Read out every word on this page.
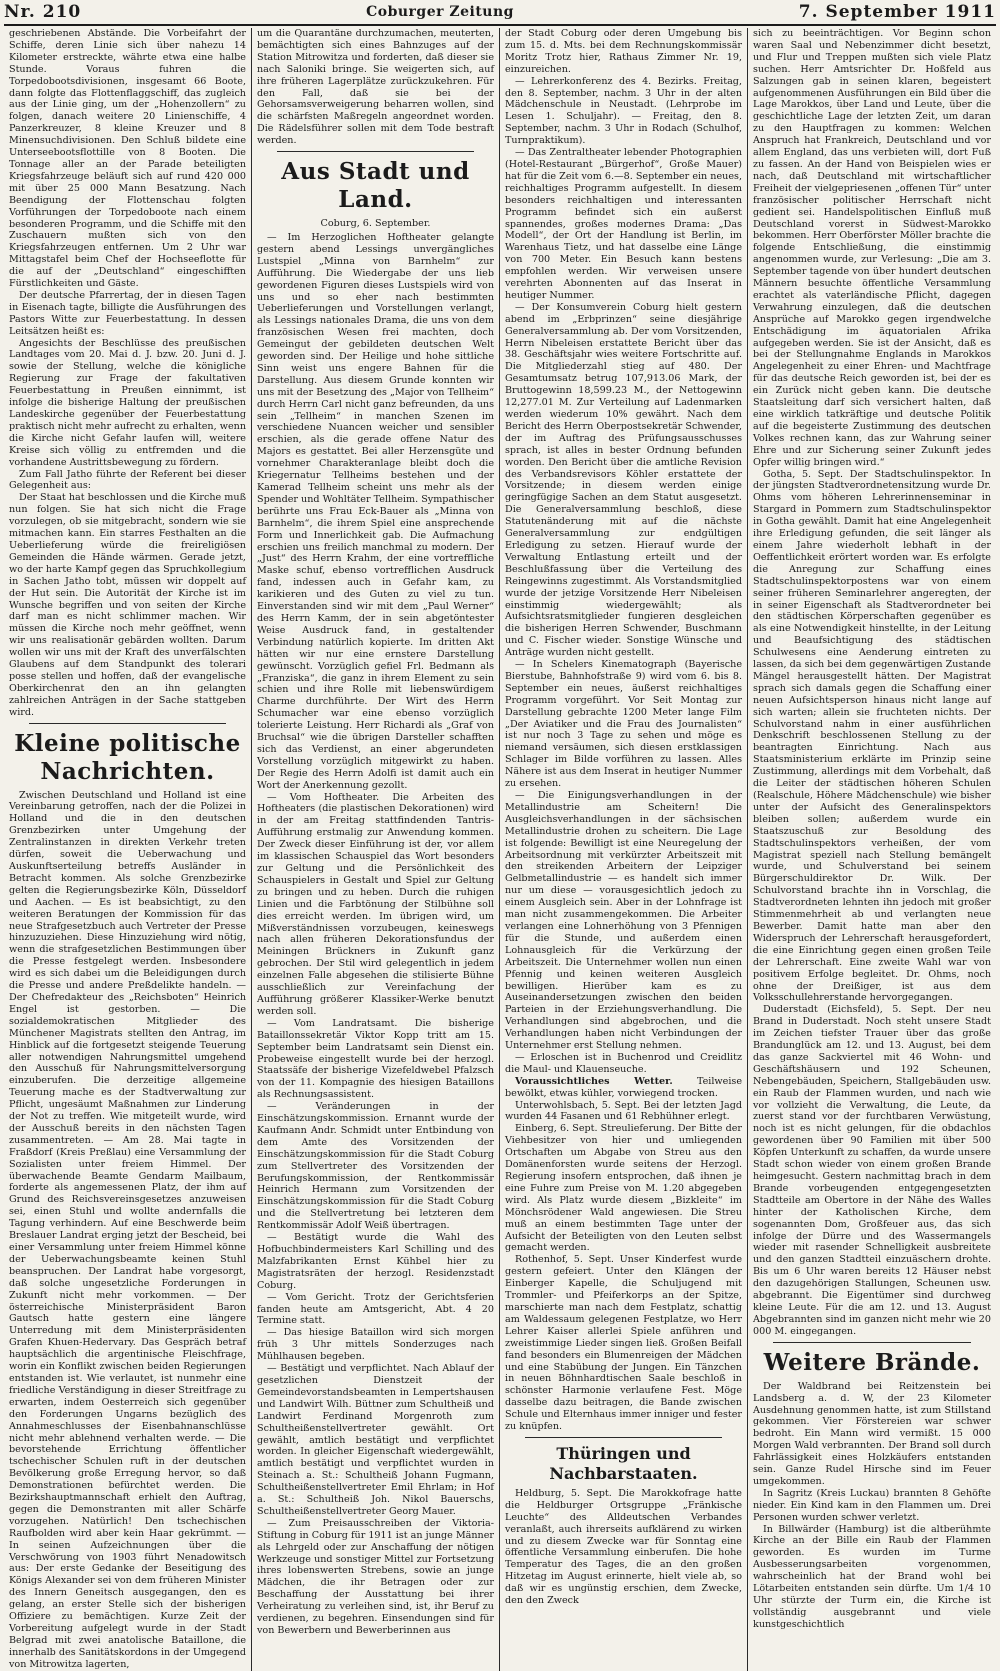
Nr. 210	Coburger Zeitung	7. September 1911

geschriebenen Abstände. Die Vorbeifahrt der Schiffe, deren Linie sich über nahezu 14 Kilometer erstreckte, währte etwa eine halbe Stunde. Voraus fuhren die Torpedobootsdivisionen, insgesamt 66 Boote, dann folgte das Flottenflaggschiff, das zugleich aus der Linie ging, um der „Hohenzollern“ zu folgen, danach weitere 20 Linienschiffe, 4 Panzerkreuzer, 8 kleine Kreuzer und 8 Minensuchdivisionen. Den Schluß bildete eine Unterseebootsflottille von 8 Booten. Die Tonnage aller an der Parade beteiligten Kriegsfahrzeuge beläuft sich auf rund 420 000 mit über 25 000 Mann Besatzung. Nach Beendigung der Flottenschau folgten Vorführungen der Torpedoboote nach einem besonderen Programm, und die Schiffe mit den Zuschauern mußten sich von den Kriegsfahrzeugen entfernen. Um 2 Uhr war Mittagstafel beim Chef der Hochseeflotte für die auf der „Deutschland“ eingeschifften Fürstlichkeiten und Gäste.

Der deutsche Pfarrertag, der in diesen Tagen in Eisenach tagte, billigte die Ausführungen des Pastors Witte zur Feuerbestattung. In dessen Leitsätzen heißt es:

Angesichts der Beschlüsse des preußischen Landtages vom 20. Mai d. J. bzw. 20. Juni d. J. sowie der Stellung, welche die königliche Regierung zur Frage der fakultativen Feuerbestattung in Preußen einnimmt, ist infolge die bisherige Haltung der preußischen Landeskirche gegenüber der Feuerbestattung praktisch nicht mehr aufrecht zu erhalten, wenn die Kirche nicht Gefahr laufen will, weitere Kreise sich völlig zu entfremden und die vorhandene Austrittsbewegung zu fördern.

Zum Fall Jatho führte der Referent bei dieser Gelegenheit aus:

Der Staat hat beschlossen und die Kirche muß nun folgen. Sie hat sich nicht die Frage vorzulegen, ob sie mitgebracht, sondern wie sie mitmachen kann. Ein starres Festhalten an die Ueberlieferung würde die freireligiösen Gemeinden die Hände wärmen. Gerade jetzt, wo der harte Kampf gegen das Spruchkollegium in Sachen Jatho tobt, müssen wir doppelt auf der Hut sein. Die Autorität der Kirche ist im Wunsche begriffen und von seiten der Kirche darf man es nicht schlimmer machen. Wir müssen die Kirche noch mehr geöffnet, wenn wir uns realisationär gebärden wollten. Darum wollen wir uns mit der Kraft des unverfälschten Glaubens auf dem Standpunkt des tolerari posse stellen und hoffen, daß der evangelische Oberkirchenrat den an ihn gelangten zahlreichen Anträgen in der Sache stattgeben wird.

Kleine politische Nachrichten.

Zwischen Deutschland und Holland ist eine Vereinbarung getroffen, nach der die Polizei in Holland und die in den deutschen Grenzbezirken unter Umgehung der Zentralinstanzen in direkten Verkehr treten dürfen, soweit die Ueberwachung und Auskunftserteilung betreffs Ausländer in Betracht kommen. Als solche Grenzbezirke gelten die Regierungsbezirke Köln, Düsseldorf und Aachen. — Es ist beabsichtigt, zu den weiteren Beratungen der Kommission für das neue Strafgesetzbuch auch Vertreter der Presse hinzuzuziehen. Diese Hinzuziehung wird nötig, wenn die strafgesetzlichen Bestimmungen über die Presse festgelegt werden. Insbesondere wird es sich dabei um die Beleidigungen durch die Presse und andere Preßdelikte handeln. — Der Chefredakteur des „Reichsboten“ Heinrich Engel ist gestorben. — Die sozialdemokratischen Mitglieder des Münchener Magistrats stellten den Antrag, im Hinblick auf die fortgesetzt steigende Teuerung aller notwendigen Nahrungsmittel umgehend den Ausschuß für Nahrungsmittelversorgung einzuberufen. Die derzeitige allgemeine Teuerung mache es der Stadtverwaltung zur Pflicht, ungesäumt Maßnahmen zur Linderung der Not zu treffen. Wie mitgeteilt wurde, wird der Ausschuß bereits in den nächsten Tagen zusammentreten. — Am 28. Mai tagte in Fraßdorf (Kreis Preßlau) eine Versammlung der Sozialisten unter freiem Himmel. Der überwachende Beamte Gendarm Mailbaum, forderte als angemessenen Platz, der ihm auf Grund des Reichsvereinsgesetzes anzuweisen sei, einen Stuhl und wollte andernfalls die Tagung verhindern. Auf eine Beschwerde beim Breslauer Landrat erging jetzt der Bescheid, bei einer Versammlung unter freiem Himmel könne der Ueberwachungsbeamte keinen Stuhl beanspruchen. Der Landrat habe vorgesorgt, daß solche ungesetzliche Forderungen in Zukunft nicht mehr vorkommen. — Der österreichische Ministerpräsident Baron Gautsch hatte gestern eine längere Unterredung mit dem Ministerpräsidenten Grafen Khuen-Hedervary. Das Gespräch betraf hauptsächlich die argentinische Fleischfrage, worin ein Konflikt zwischen beiden Regierungen entstanden ist. Wie verlautet, ist nunmehr eine friedliche Verständigung in dieser Streitfrage zu erwarten, indem Oesterreich sich gegenüber den Forderungen Ungarns bezüglich des Annahmeschlusses der Eisenbahnanschlüsse nicht mehr ablehnend verhalten werde. — Die bevorstehende Errichtung öffentlicher tschechischer Schulen ruft in der deutschen Bevölkerung große Erregung hervor, so daß Demonstrationen befürchtet werden. Die Bezirkshauptmannschaft erhielt den Auftrag, gegen die Demonstranten mit aller Schärfe vorzugehen. Natürlich! Den tschechischen Raufbolden wird aber kein Haar gekrümmt. — In seinen Aufzeichnungen über die Verschwörung von 1903 führt Nenadowitsch aus: Der erste Gedanke der Beseitigung des Königs Alexander sei von dem früheren Minister des Innern Geneitsch ausgegangen, den es gelang, an erster Stelle sich der bisherigen Offiziere zu bemächtigen. Kurze Zeit der Vorbereitung aufgelegt wurde in der Stadt Belgrad mit zwei anatolische Bataillone, die innerhalb des Sanitätskordons in der Umgegend von Mitrowitza lagerten,

um die Quarantäne durchzumachen, meuterten, bemächtigten sich eines Bahnzuges auf der Station Mitrowitza und forderten, daß dieser sie nach Saloniki bringe. Sie weigerten sich, auf ihre früheren Lagerplätze zurückzukehren. Für den Fall, daß sie bei der Gehorsamsverweigerung beharren wollen, sind die schärfsten Maßregeln angeordnet worden. Die Rädelsführer sollen mit dem Tode bestraft werden.

Aus Stadt und Land.

Coburg, 6. September.

— Im Herzoglichen Hoftheater gelangte gestern abend Lessings unvergängliches Lustspiel „Minna von Barnhelm“ zur Aufführung. Die Wiedergabe der uns lieb gewordenen Figuren dieses Lustspiels wird von uns und so eher nach bestimmten Ueberlieferungen und Vorstellungen verlangt, als Lessings nationales Drama, die uns von dem französischen Wesen frei machten, doch Gemeingut der gebildeten deutschen Welt geworden sind. Der Heilige und hohe sittliche Sinn weist uns engere Bahnen für die Darstellung. Aus diesem Grunde konnten wir uns mit der Besetzung des „Major von Tellheim“ durch Herrn Carl nicht ganz befreunden, da uns sein „Tellheim“ in manchen Szenen im verschiedene Nuancen weicher und sensibler erschien, als die gerade offene Natur des Majors es gestattet. Bei aller Herzensgüte und vornehmer Charakteranlage bleibt doch die Kriegernatur Tellheims bestehen und der Kamerad Tellheim scheint uns mehr als der Spender und Wohltäter Tellheim. Sympathischer berührte uns Frau Eck-Bauer als „Minna von Barnhelm“, die ihrem Spiel eine ansprechende Form und Innerlichkeit gab. Die Aufmachung erschien uns freilich manchmal zu modern. Der „Just“ des Herrn Krahm, der eine vortreffliche Maske schuf, ebenso vortrefflichen Ausdruck fand, indessen auch in Gefahr kam, zu karikieren und des Guten zu viel zu tun. Einverstanden sind wir mit dem „Paul Werner“ des Herrn Kamm, der in sein abgetöntester Weise Ausdruck fand, in gestaltender Verbindung natürlich kopierte. Im dritten Akt hätten wir nur eine ernstere Darstellung gewünscht. Vorzüglich gefiel Frl. Bedmann als „Franziska“, die ganz in ihrem Element zu sein schien und ihre Rolle mit liebenswürdigem Charme durchführte. Der Wirt des Herrn Schumacher war eine ebenso vorzüglich tolerierte Leistung. Herr Richardi als „Graf von Bruchsal“ wie die übrigen Darsteller schafften sich das Verdienst, an einer abgerundeten Vorstellung vorzüglich mitgewirkt zu haben. Der Regie des Herrn Adolfi ist damit auch ein Wort der Anerkennung gezollt.

— Vom Hoftheater. Die Arbeiten des Hoftheaters (die plastischen Dekorationen) wird in der am Freitag stattfindenden Tantris-Aufführung erstmalig zur Anwendung kommen. Der Zweck dieser Einführung ist der, vor allem im klassischen Schauspiel das Wort besonders zur Geltung und die Persönlichkeit des Schauspielers in Gestalt und Spiel zur Geltung zu bringen und zu heben. Durch die ruhigen Linien und die Farbtönung der Stilbühne soll dies erreicht werden. Im übrigen wird, um Mißverständnissen vorzubeugen, keineswegs nach allen früheren Dekorationsfundus der Meiningen Brückners in Zukunft ganz gebrochen. Der Stil wird gelegentlich in jedem einzelnen Falle abgesehen die stilisierte Bühne ausschließlich zur Vereinfachung der Aufführung größerer Klassiker-Werke benutzt werden soll.

— Vom Landratsamt. Die bisherige Bataillonssekretär Viktor Kopp tritt am 15. September beim Landratsamt sein Dienst ein. Probeweise eingestellt wurde bei der herzogl. Staatssäfe der bisherige Vizefeldwebel Pfalzsch von der 11. Kompagnie des hiesigen Bataillons als Rechnungsassistent.

— Veränderungen in der Einschätzungskommission. Ernannt wurde der Kaufmann Andr. Schmidt unter Entbindung von dem Amte des Vorsitzenden der Einschätzungskommission für die Stadt Coburg zum Stellvertreter des Vorsitzenden der Berufungskommission, der Rentkommissär Heinrich Hermann zum Vorsitzenden der Einschätzungskommission für die Stadt Coburg und die Stellvertretung bei letzteren dem Rentkommissär Adolf Weiß übertragen.

— Bestätigt wurde die Wahl des Hofbuchbindermeisters Karl Schilling und des Malzfabrikanten Ernst Kühbel hier zu Magistratsräten der herzogl. Residenzstadt Coburg.

— Vom Gericht. Trotz der Gerichtsferien fanden heute am Amtsgericht, Abt. 4 20 Termine statt.

— Das hiesige Bataillon wird sich morgen früh 3 Uhr mittels Sonderzuges nach Mühlhausen begeben.

— Bestätigt und verpflichtet. Nach Ablauf der gesetzlichen Dienstzeit der Gemeindevorstandsbeamten in Lempertshausen und Landwirt Wilh. Büttner zum Schultheiß und Landwirt Ferdinand Morgenroth zum Schultheißenstellvertreter gewählt. Ort gewählt, amtlich bestätigt und verpflichtet worden. In gleicher Eigenschaft wiedergewählt, amtlich bestätigt und verpflichtet wurden in Steinach a. St.: Schultheiß Johann Fugmann, Schultheißenstellvertreter Emil Ehrlam; in Hof a. St.: Schultheiß Joh. Nikol Bauerschs, Schultheißenstellvertreter Georg Mauer.

— Zum Preisausschreiben der Viktoria-Stiftung in Coburg für 1911 ist an junge Männer als Lehrgeld oder zur Anschaffung der nötigen Werkzeuge und sonstiger Mittel zur Fortsetzung ihres lobenswerten Strebens, sowie an junge Mädchen, die ihr Betragen oder zur Beschaffung der Ausstattung bei ihrer Verheiratung zu verleihen sind, ist, ihr Beruf zu verdienen, zu begehren. Einsendungen sind für von Bewerbern und Bewerberinnen aus

der Stadt Coburg oder deren Umgebung bis zum 15. d. Mts. bei dem Rechnungskommissär Moritz Trotz hier, Rathaus Zimmer Nr. 19, einzureichen.

— Lehrerkonferenz des 4. Bezirks. Freitag, den 8. September, nachm. 3 Uhr in der alten Mädchenschule in Neustadt. (Lehrprobe im Lesen 1. Schuljahr). — Freitag, den 8. September, nachm. 3 Uhr in Rodach (Schulhof, Turnpraktikum).

— Das Zentraltheater lebender Photographien (Hotel-Restaurant „Bürgerhof“, Große Mauer) hat für die Zeit vom 6.—8. September ein neues, reichhaltiges Programm aufgestellt. In diesem besonders reichhaltigen und interessanten Programm befindet sich ein außerst spannendes, großes modernes Drama: „Das Modell“, der Ort der Handlung ist Berlin, im Warenhaus Tietz, und hat dasselbe eine Länge von 700 Meter. Ein Besuch kann bestens empfohlen werden. Wir verweisen unsere verehrten Abonnenten auf das Inserat in heutiger Nummer.

— Der Konsumverein Coburg hielt gestern abend im „Erbprinzen“ seine diesjährige Generalversammlung ab. Der vom Vorsitzenden, Herrn Nibeleisen erstattete Bericht über das 38. Geschäftsjahr wies weitere Fortschritte auf. Die Mitgliederzahl stieg auf 480. Der Gesamtumsatz betrug 107,913.06 Mark, der Bruttogewinn 18,599.23 M., der Nettogewinn 12,277.01 M. Zur Verteilung auf Ladenmarken werden wiederum 10% gewährt. Nach dem Bericht des Herrn Oberpostsekretär Schwender, der im Auftrag des Prüfungsausschusses sprach, ist alles in bester Ordnung befunden worden. Den Bericht über die amtliche Revision des Verbandsrevisors Köhler erstattete der Vorsitzende; in diesem werden einige geringfügige Sachen an dem Statut ausgesetzt. Die Generalversammlung beschloß, diese Statutenänderung mit auf die nächste Generalversammlung zur endgültigen Erledigung zu setzen. Hierauf wurde der Verwaltung Entlastung erteilt und der Beschlußfassung über die Verteilung des Reingewinns zugestimmt. Als Vorstandsmitglied wurde der jetzige Vorsitzende Herr Nibeleisen einstimmig wiedergewählt; als Aufsichtsratsmitglieder fungieren desgleichen die bisherigen Herren Schwender, Buschmann und C. Fischer wieder. Sonstige Wünsche und Anträge wurden nicht gestellt.

— In Schelers Kinematograph (Bayerische Bierstube, Bahnhofstraße 9) wird vom 6. bis 8. September ein neues, äußerst reichhaltiges Programm vorgeführt. Vor Seit Montag zur Darstellung gebrachte 1200 Meter lange Film „Der Aviatiker und die Frau des Journalisten“ ist nur noch 3 Tage zu sehen und möge es niemand versäumen, sich diesen erstklassigen Schlager im Bilde vorführen zu lassen. Alles Nähere ist aus dem Inserat in heutiger Nummer zu ersehen.

— Die Einigungsverhandlungen in der Metallindustrie am Scheitern! Die Ausgleichsverhandlungen in der sächsischen Metallindustrie drohen zu scheitern. Die Lage ist folgende: Bewilligt ist eine Neuregelung der Arbeitsordnung mit verkürzter Arbeitszeit mit den streikenden Arbeitern der Leipziger Gelbmetallindustrie — es handelt sich immer nur um diese — vorausgesichtlich jedoch zu einem Ausgleich sein. Aber in der Lohnfrage ist man nicht zusammengekommen. Die Arbeiter verlangen eine Lohnerhöhung von 3 Pfennigen für die Stunde, und außerdem einen Lohnausgleich für die Verkürzung der Arbeitszeit. Die Unternehmer wollen nun einen Pfennig und keinen weiteren Ausgleich bewilligen. Hierüber kam es zu Auseinandersetzungen zwischen den beiden Parteien in der Erziehungsverhandlung. Die Verhandlungen sind abgebrochen, und die Verhandlungen haben nicht Verbindungen der Unternehmer erst Stellung nehmen.

— Erloschen ist in Buchenrod und Creidlitz die Maul- und Klauenseuche.

Voraussichtliches Wetter.	Teilweise bewölkt, etwas kühler, vorwiegend trocken.

Unterwohlsbach, 5. Sept. Bei der letzten Jagd wurden 44 Fasanen und 61 Rebhühner erlegt.

Einberg, 6. Sept. Streulieferung. Der Bitte der Viehbesitzer von hier und umliegenden Ortschaften um Abgabe von Streu aus den Domänenforsten wurde seitens der Herzogl. Regierung insofern entsprochen, daß ihnen je eine Fuhre zum Preise von M. 1.20 abgegeben wird. Als Platz wurde diesem „Bizkleite“ im Mönchsrödener Wald angewiesen. Die Streu muß an einem bestimmten Tage unter der Aufsicht der Beteiligten von den Leuten selbst gemacht werden.

Rothenhof, 5. Sept. Unser Kinderfest wurde gestern gefeiert. Unter den Klängen der Einberger Kapelle, die Schuljugend mit Trommler- und Pfeiferkorps an der Spitze, marschierte man nach dem Festplatz, schattig am Waldessaum gelegenen Festplatze, wo Herr Lehrer Kaiser allerlei Spiele anführen und zweistimmige Lieder singen ließ. Großen Beifall fand besonders ein Blumenreigen der Mädchen und eine Stabübung der Jungen. Ein Tänzchen in neuen Böhnhardtischen Saale beschloß in schönster Harmonie verlaufene Fest. Möge dasselbe dazu beitragen, die Bande zwischen Schule und Elternhaus immer inniger und fester zu knüpfen.

Thüringen und Nachbarstaaten.

Heldburg, 5. Sept. Die Marokkofrage hatte die Heldburger Ortsgruppe „Fränkische Leuchte“ des Alldeutschen Verbandes veranlaßt, auch ihrerseits aufklärend zu wirken und zu diesem Zwecke war für Sonntag eine öffentliche Versammlung einberufen. Die hohe Temperatur des Tages, die an den großen Hitzetag im August erinnerte, hielt viele ab, so daß wir es ungünstig erschien, dem Zwecke, den den Zweck

sich zu beeinträchtigen. Vor Beginn schon waren Saal und Nebenzimmer dicht besetzt, und Flur und Treppen mußten sich viele Platz suchen. Herr Amtsrichter Dr. Hoßfeld aus Salzungen gab in seinen klaren, begeistert aufgenommenen Ausführungen ein Bild über die Lage Marokkos, über Land und Leute, über die geschichtliche Lage der letzten Zeit, um daran zu den Hauptfragen zu kommen: Welchen Anspruch hat Frankreich, Deutschland und vor allem England, das uns verbieten will, dort Fuß zu fassen. An der Hand von Beispielen wies er nach, daß Deutschland mit wirtschaftlicher Freiheit der vielgepriesenen „offenen Tür“ unter französischer politischer Herrschaft nicht gedient sei. Handelspolitischen Einfluß muß Deutschland vorerst in Südwest-Marokko bekommen. Herr Oberförster Möller brachte die folgende Entschließung, die einstimmig angenommen wurde, zur Verlesung: „Die am 3. September tagende von über hundert deutschen Männern besuchte öffentliche Versammlung erachtet als vaterländische Pflicht, dagegen Verwahrung einzulegen, daß die deutschen Ansprüche auf Marokko gegen irgendwelche Entschädigung im äquatorialen Afrika aufgegeben werden. Sie ist der Ansicht, daß es bei der Stellungnahme Englands in Marokkos Angelegenheit zu einer Ehren- und Machtfrage für das deutsche Reich geworden ist, bei der es ein Zurück nicht geben kann. Die deutsche Staatsleitung darf sich versichert halten, daß eine wirklich tatkräftige und deutsche Politik auf die begeisterte Zustimmung des deutschen Volkes rechnen kann, das zur Wahrung seiner Ehre und zur Sicherung seiner Zukunft jedes Opfer willig bringen wird.“

Gotha, 5. Sept. Der Stadtschulinspektor. In der jüngsten Stadtverordnetensitzung wurde Dr. Ohms vom höheren Lehrerinnenseminar in Stargard in Pommern zum Stadtschulinspektor in Gotha gewählt. Damit hat eine Angelegenheit ihre Erledigung gefunden, die seit länger als einem Jahre wiederholt lebhaft in der Oeffentlichkeit erörtert worden war. Es erfolgte die Anregung zur Schaffung eines Stadtschulinspektorpostens war von einem seiner früheren Seminarlehrer angeregten, der in seiner Eigenschaft als Stadtverordneter bei den städtischen Körperschaften gegenüber es als eine Notwendigkeit hinstellte, in der Leitung und Beaufsichtigung des städtischen Schulwesens eine Aenderung eintreten zu lassen, da sich bei dem gegenwärtigen Zustande Mängel herausgestellt hätten. Der Magistrat sprach sich damals gegen die Schaffung einer neuen Aufsichtsperson hinaus nicht lange auf sich warten; allein sie fruchteten nichts. Der Schulvorstand nahm in einer ausführlichen Denkschrift beschlossenen Stellung zu der beantragten Einrichtung. Nach aus Staatsministerium erklärte im Prinzip seine Zustimmung, allerdings mit dem Vorbehalt, daß die Leiter der städtischen höheren Schulen (Realschule, Höhere Mädchenschule) wie bisher unter der Aufsicht des Generalinspektors bleiben sollen; außerdem wurde ein Staatszuschuß zur Besoldung des Stadtschulinspektors verheißen, der vom Magistrat speziell nach Stellung bemängelt wurde, und Schulverstand bei seinem Bürgerschuldirektor Dr. Wilk. Der Schulvorstand brachte ihn in Vorschlag, die Stadtverordneten lehnten ihn jedoch mit großer Stimmenmehrheit ab und verlangten neue Bewerber. Damit hatte man aber den Widerspruch der Lehrerschaft herausgefordert, die eine Einrichtung gegen einen großen Teile der Lehrerschaft. Eine zweite Wahl war von positivem Erfolge begleitet. Dr. Ohms, noch ohne der Dreißiger, ist aus dem Volksschullehrerstande hervorgegangen.

Duderstadt (Eichsfeld), 5. Sept. Der neu Brand in Duderstadt. Noch steht unsere Stadt im Zeichen tiefster Trauer über das große Brandunglück am 12. und 13. August, bei dem das ganze Sackviertel mit 46 Wohn- und Geschäftshäusern und 192 Scheunen, Nebengebäuden, Speichern, Stallgebäuden usw. ein Raub der Flammen wurden, und nach wie vor vollzieht die Verwaltung, die Leute, da zuerst stand vor der furchtbaren Verwüstung, noch ist es nicht gelungen, für die obdachlos gewordenen über 90 Familien mit über 500 Köpfen Unterkunft zu schaffen, da wurde unsere Stadt schon wieder von einem großen Brande heimgesucht. Gestern nachmittag brach in dem Brande vorbeugenden entgegengesetzten Stadtteile am Obertore in der Nähe des Walles hinter der Katholischen Kirche, dem sogenannten Dom, Großfeuer aus, das sich infolge der Dürre und des Wassermangels wieder mit rasender Schnelligkeit ausbreitete und den ganzen Stadtteil einzuäschern drohte. Bis um 6 Uhr waren bereits 12 Häuser nebst den dazugehörigen Stallungen, Scheunen usw. abgebrannt. Die Eigentümer sind durchweg kleine Leute. Für die am 12. und 13. August Abgebrannten sind im ganzen nicht mehr wie 20 000 M. eingegangen.

Weitere Brände.

Der Waldbrand bei Reitzenstein bei Landsberg a. d. W, der 23 Kilometer Ausdehnung genommen hatte, ist zum Stillstand gekommen. Vier Förstereien war schwer bedroht. Ein Mann wird vermißt. 15 000 Morgen Wald verbrannten. Der Brand soll durch Fahrlässigkeit eines Holzkäufers entstanden sein. Ganze Rudel Hirsche sind im Feuer umgekommen.

In Sagritz (Kreis Luckau) brannten 8 Gehöfte nieder. Ein Kind kam in den Flammen um. Drei Personen wurden schwer verletzt.

In Billwärder (Hamburg) ist die altberühmte Kirche an der Bille ein Raub der Flammen geworden. Es wurden im Turme Ausbesserungsarbeiten vorgenommen, wahrscheinlich hat der Brand wohl bei Lötarbeiten entstanden sein dürfte. Um 1/4 10 Uhr stürzte der Turm ein, die Kirche ist vollständig ausgebrannt und viele kunstgeschichtlich
